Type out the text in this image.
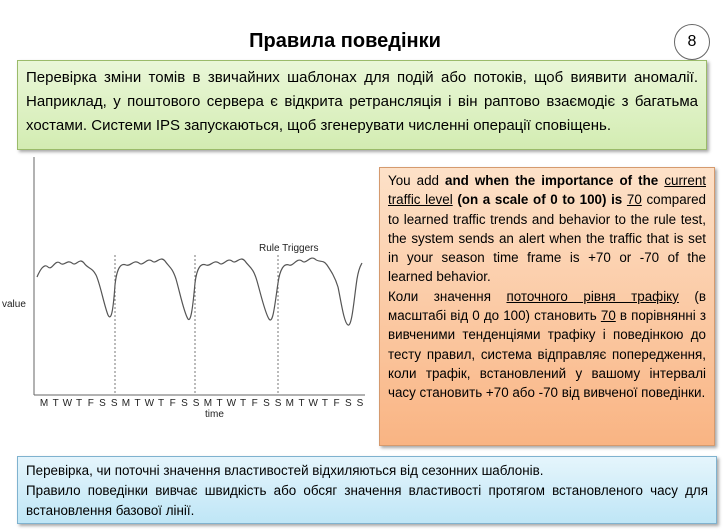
Правила поведінки	8
Перевірка зміни томів в звичайних шаблонах для подій або потоків, щоб виявити аномалії. Наприклад, у поштового сервера є відкрита ретрансляція і він раптово взаємодіє з багатьма хостами. Системи IPS запускаються, щоб згенерувати численні операції сповіщень.
Rule Triggers
value
time
M T W T F S S M T W T F S S M T W T F S S M T W T F S S

You add and when the importance of the current traffic level (on a scale of 0 to 100) is 70 compared to learned traffic trends and behavior to the rule test, the system sends an alert when the traffic that is set in your season time frame is +70 or -70 of the learned behavior.

Коли значення поточного рівня трафіку (в масштабі від 0 до 100) становить 70 в порівнянні з вивченими тенденціями трафіку і поведінкою до тесту правил, система відправляє попередження, коли трафік, встановлений у вашому інтервалі часу становить +70 або -70 від вивченої поведінки.

Перевірка, чи поточні значення властивостей відхиляються від сезонних шаблонів.

Правило поведінки вивчає швидкість або обсяг значення властивості протягом встановленого часу для встановлення базової лінії.
